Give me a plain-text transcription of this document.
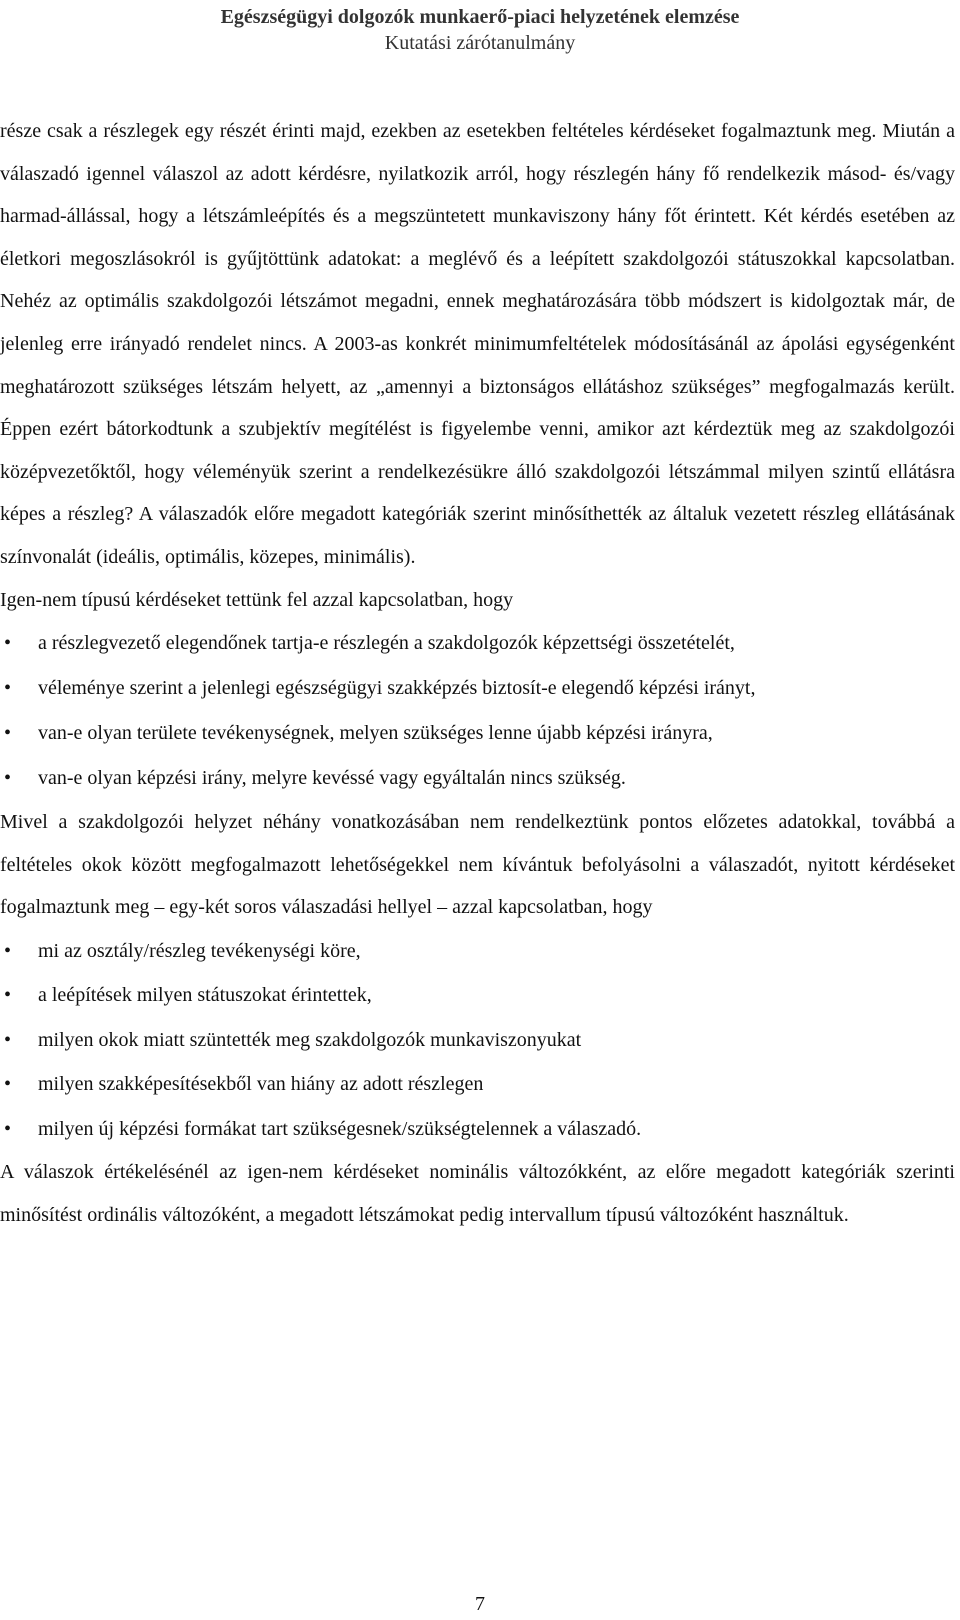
Egészségügyi dolgozók munkaerő-piaci helyzetének elemzése
Kutatási zárótanulmány

része csak a részlegek egy részét érinti majd, ezekben az esetekben feltételes kérdéseket fogalmaztunk meg. Miután a válaszadó igennel válaszol az adott kérdésre, nyilatkozik arról, hogy részlegén hány fő rendelkezik másod- és/vagy harmad-állással, hogy a létszámleépítés és a megszüntetett munkaviszony hány főt érintett. Két kérdés esetében az életkori megoszlásokról is gyűjtöttünk adatokat: a meglévő és a leépített szakdolgozói státuszokkal kapcsolatban. Nehéz az optimális szakdolgozói létszámot megadni, ennek meghatározására több módszert is kidolgoztak már, de jelenleg erre irányadó rendelet nincs. A 2003-as konkrét minimumfeltételek módosításánál az ápolási egységenként meghatározott szükséges létszám helyett, az „amennyi a biztonságos ellátáshoz szükséges” megfogalmazás került. Éppen ezért bátorkodtunk a szubjektív megítélést is figyelembe venni, amikor azt kérdeztük meg az szakdolgozói középvezetőktől, hogy véleményük szerint a rendelkezésükre álló szakdolgozói létszámmal milyen szintű ellátásra képes a részleg? A válaszadók előre megadott kategóriák szerint minősíthették az általuk vezetett részleg ellátásának színvonalát (ideális, optimális, közepes, minimális).

Igen-nem típusú kérdéseket tettünk fel azzal kapcsolatban, hogy

•	a részlegvezető elegendőnek tartja-e részlegén a szakdolgozók képzettségi összetételét,
•	véleménye szerint a jelenlegi egészségügyi szakképzés biztosít-e elegendő képzési irányt,
•	van-e olyan területe tevékenységnek, melyen szükséges lenne újabb képzési irányra,
•	van-e olyan képzési irány, melyre kevéssé vagy egyáltalán nincs szükség.

Mivel a szakdolgozói helyzet néhány vonatkozásában nem rendelkeztünk pontos előzetes adatokkal, továbbá a feltételes okok között megfogalmazott lehetőségekkel nem kívántuk befolyásolni a válaszadót, nyitott kérdéseket fogalmaztunk meg – egy-két soros válaszadási hellyel – azzal kapcsolatban, hogy

•	mi az osztály/részleg tevékenységi köre,
•	a leépítések milyen státuszokat érintettek,
•	milyen okok miatt szüntették meg szakdolgozók munkaviszonyukat
•	milyen szakképesítésekből van hiány az adott részlegen
•	milyen új képzési formákat tart szükségesnek/szükségtelennek a válaszadó.

A válaszok értékelésénél az igen-nem kérdéseket nominális változókként, az előre megadott kategóriák szerinti minősítést ordinális változóként, a megadott létszámokat pedig intervallum típusú változóként használtuk.

7
